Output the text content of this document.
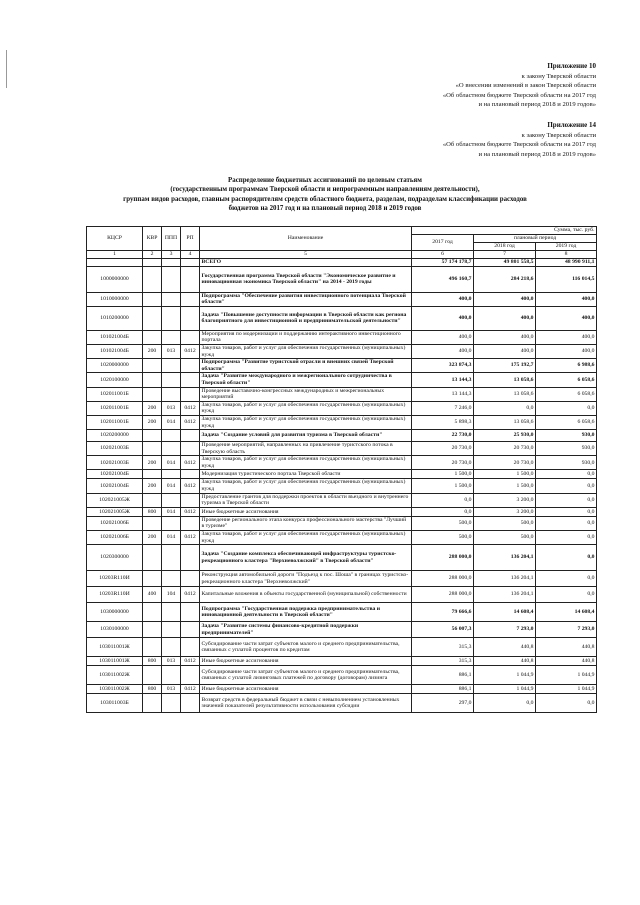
Приложение 10
к закону Тверской области
«О внесении изменений в закон Тверской области
«Об областном бюджете Тверской области на 2017 год
и на плановый период 2018 и 2019 годов»
Приложение 14
к закону Тверской области
«Об областном бюджете Тверской области на 2017 год
и на плановый период 2018 и 2019 годов»
Распределение бюджетных ассигнований по целевым статьям
(государственным программам Тверской области и непрограммным направлениям деятельности),
группам видов расходов, главным распорядителям средств областного бюджета, разделам, подразделам классификации расходов
бюджетов на 2017 год и на плановый период 2018 и 2019 годов
КЦСР	КВР	ППП	РП	Наименование	Сумма, тыс. руб.		
					2017 год	плановый период	
						2018 год	2019 год
1	2	3	4	5	6	7	8
				ВСЕГО	57 174 178,7	49 801 558,5	48 990 911,1
1000000000				Государственная программа Тверской области "Экономическое развитие и инновационная экономика Тверской области" на 2014 - 2019 годы	496 160,7	284 218,6	116 014,5
1010000000				Подпрограмма "Обеспечение развития инвестиционного потенциала Тверской области"	400,0	400,0	400,0
1010200000				Задача "Повышение доступности информации в Тверской области как региона благоприятного для инвестиционной и предпринимательской деятельности"	400,0	400,0	400,0
101021004Б				Мероприятия по модернизации и поддержанию интерактивного инвестиционного портала	400,0	400,0	400,0
101021004Б	200	013	0412	Закупка товаров, работ и услуг для обеспечения государственных (муниципальных) нужд	400,0	400,0	400,0
1020000000				Подпрограмма "Развитие туристской отрасли и внешних связей Тверской области"	323 874,3	175 192,7	6 988,6
1020100000				Задача "Развитие международного и межрегионального сотрудничества в Тверской области"	13 144,3	13 058,6	6 058,6
102011001Б				Проведение выставочно-конгрессных международных и межрегиональных мероприятий	13 144,3	13 058,6	6 058,6
102011001Б	200	013	0412	Закупка товаров, работ и услуг для обеспечения государственных (муниципальных) нужд	7 246,0	0,0	0,0
102011001Б	200	014	0412	Закупка товаров, работ и услуг для обеспечения государственных (муниципальных) нужд	5 898,3	13 058,6	6 058,6
1020200000				Задача "Создание условий для развития туризма в Тверской области"	22 730,0	25 930,0	930,0
102021003Б				Проведение мероприятий, направленных на привлечение туристского потока в Тверскую область	20 730,0	20 730,0	930,0
102021003Б	200	014	0412	Закупка товаров, работ и услуг для обеспечения государственных (муниципальных) нужд	20 730,0	20 730,0	930,0
102021004Б				Модернизация туристического портала Тверской области	1 500,0	1 500,0	0,0
102021004Б	200	014	0412	Закупка товаров, работ и услуг для обеспечения государственных (муниципальных) нужд	1 500,0	1 500,0	0,0
102021005Ж				Предоставление грантов для поддержки проектов в области въездного и внутреннего туризма в Тверской области	0,0	3 200,0	0,0
102021005Ж	800	014	0412	Иные бюджетные ассигнования	0,0	3 200,0	0,0
102021006Б				Проведение регионального этапа конкурса профессионального мастерства "Лучший в туризме"	500,0	500,0	0,0
102021006Б	200	014	0412	Закупка товаров, работ и услуг для обеспечения государственных (муниципальных) нужд	500,0	500,0	0,0
1020300000				Задача "Создание комплекса обеспечивающей инфраструктуры туристско-рекреационного кластера "Верхневолжский" в Тверской области"	288 000,0	136 204,1	0,0
10203R110И				Реконструкция автомобильной дороги "Подъезд к пос. Шоша" в границах туристско-рекреационного кластера "Верхневолжский"	288 000,0	136 204,1	0,0
10203R110И	400	104	0412	Капитальные вложения в объекты государственной (муниципальной) собственности	288 000,0	136 204,1	0,0
1030000000				Подпрограмма "Государственная поддержка предпринимательства и инновационной деятельности в Тверской области"	79 666,6	14 608,4	14 608,4
1030100000				Задача "Развитие системы финансово-кредитной поддержки предпринимателей"	56 007,3	7 293,0	7 293,0
103011001Ж				Субсидирование части затрат субъектов малого и среднего предпринимательства, связанных с уплатой процентов по кредитам	315,3	440,8	440,8
103011001Ж	800	013	0412	Иные бюджетные ассигнования	315,3	440,8	440,8
103011002Ж				Субсидирование части затрат субъектов малого и среднего предпринимательства, связанных с уплатой лизинговых платежей по договору (договорам) лизинга	886,1	1 044,9	1 044,9
103011002Ж	800	013	0412	Иные бюджетные ассигнования	886,1	1 044,9	1 044,9
103011003Б				Возврат средств в федеральный бюджет в связи с невыполнением установленных значений показателей результативности использования субсидии	297,0	0,0	0,0
